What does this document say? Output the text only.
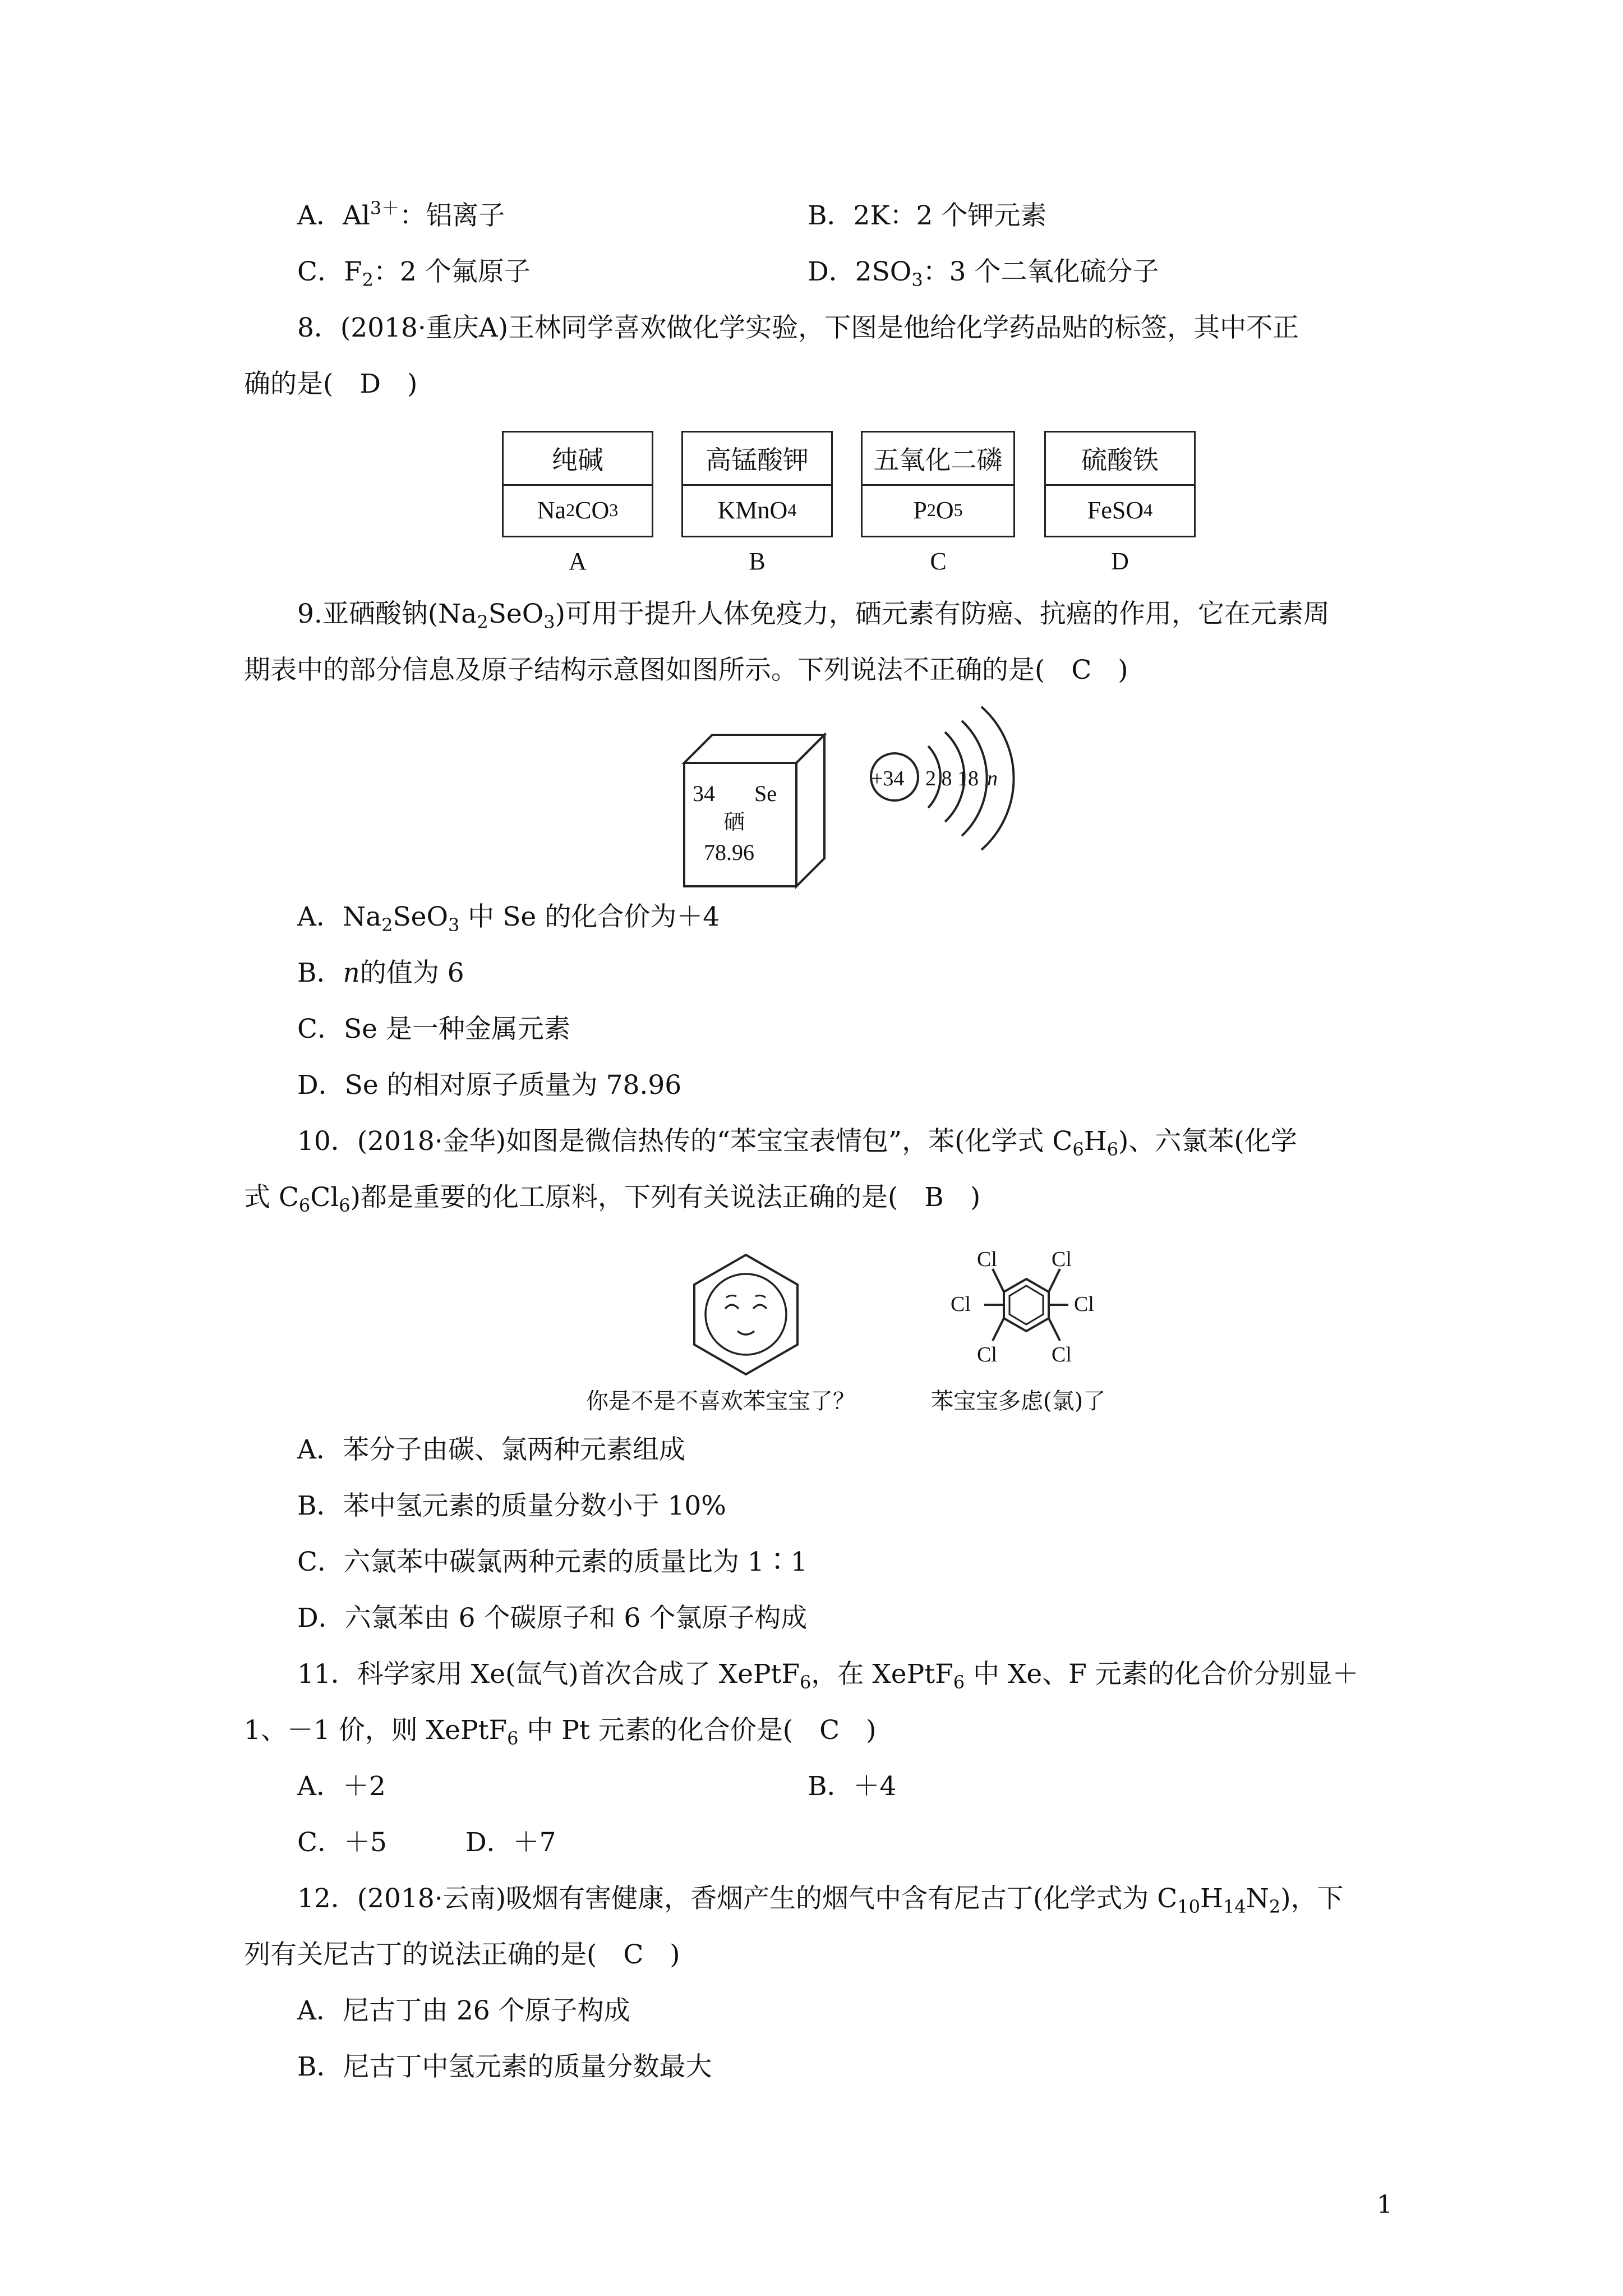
A．$Al^{3+}$：铝离子	B．2K：2 个钾元素
C．$F_2$：2 个氟原子	D．$2SO_3$：3 个二氧化硫分子
8．(2018·重庆A)王林同学喜欢做化学实验，下图是他给化学药品贴的标签，其中不正
确的是(　D　)
纯碱
Na 2 CO 3
高锰酸钾
KMnO 4
五氧化二磷
P 2 O 5
硫酸铁
FeSO 4
A	B	C	D
9.亚硒酸钠$(Na_2SeO_3)$可用于提升人体免疫力，硒元素有防癌、抗癌的作用，它在元素周
期表中的部分信息及原子结构示意图如图所示。下列说法不正确的是(　C　)
34 Se
硒
78.96
+34 2 8 18 n
A．$Na_2SeO_3$ 中 Se 的化合价为＋4
B．n的值为 6
C．Se 是一种金属元素
D．Se 的相对原子质量为 78.96
10．(2018·金华)如图是微信热传的“苯宝宝表情包”，苯(化学式 $C_6H_6$)、六氯苯(化学
式 $C_6Cl_6$)都是重要的化工原料，下列有关说法正确的是(　B　)
Cl	Cl
Cl	Cl
Cl	Cl
你是不是不喜欢苯宝宝了？	苯宝宝多虑(氯)了
A．苯分子由碳、氯两种元素组成
B．苯中氢元素的质量分数小于 10%
C．六氯苯中碳氯两种元素的质量比为 1∶1
D．六氯苯由 6 个碳原子和 6 个氯原子构成
11．科学家用 Xe(氙气)首次合成了 XePtF$_6$，在 XePtF$_6$ 中 Xe、F 元素的化合价分别显＋
1、－1 价，则 XePtF$_6$ 中 Pt 元素的化合价是(　C　)
A．＋2	B．＋4
C．＋5	D．＋7
12．(2018·云南)吸烟有害健康，香烟产生的烟气中含有尼古丁(化学式为 $C_{10}H_{14}N_2$)，下
列有关尼古丁的说法正确的是(　C　)
A．尼古丁由 26 个原子构成
B．尼古丁中氢元素的质量分数最大
1
